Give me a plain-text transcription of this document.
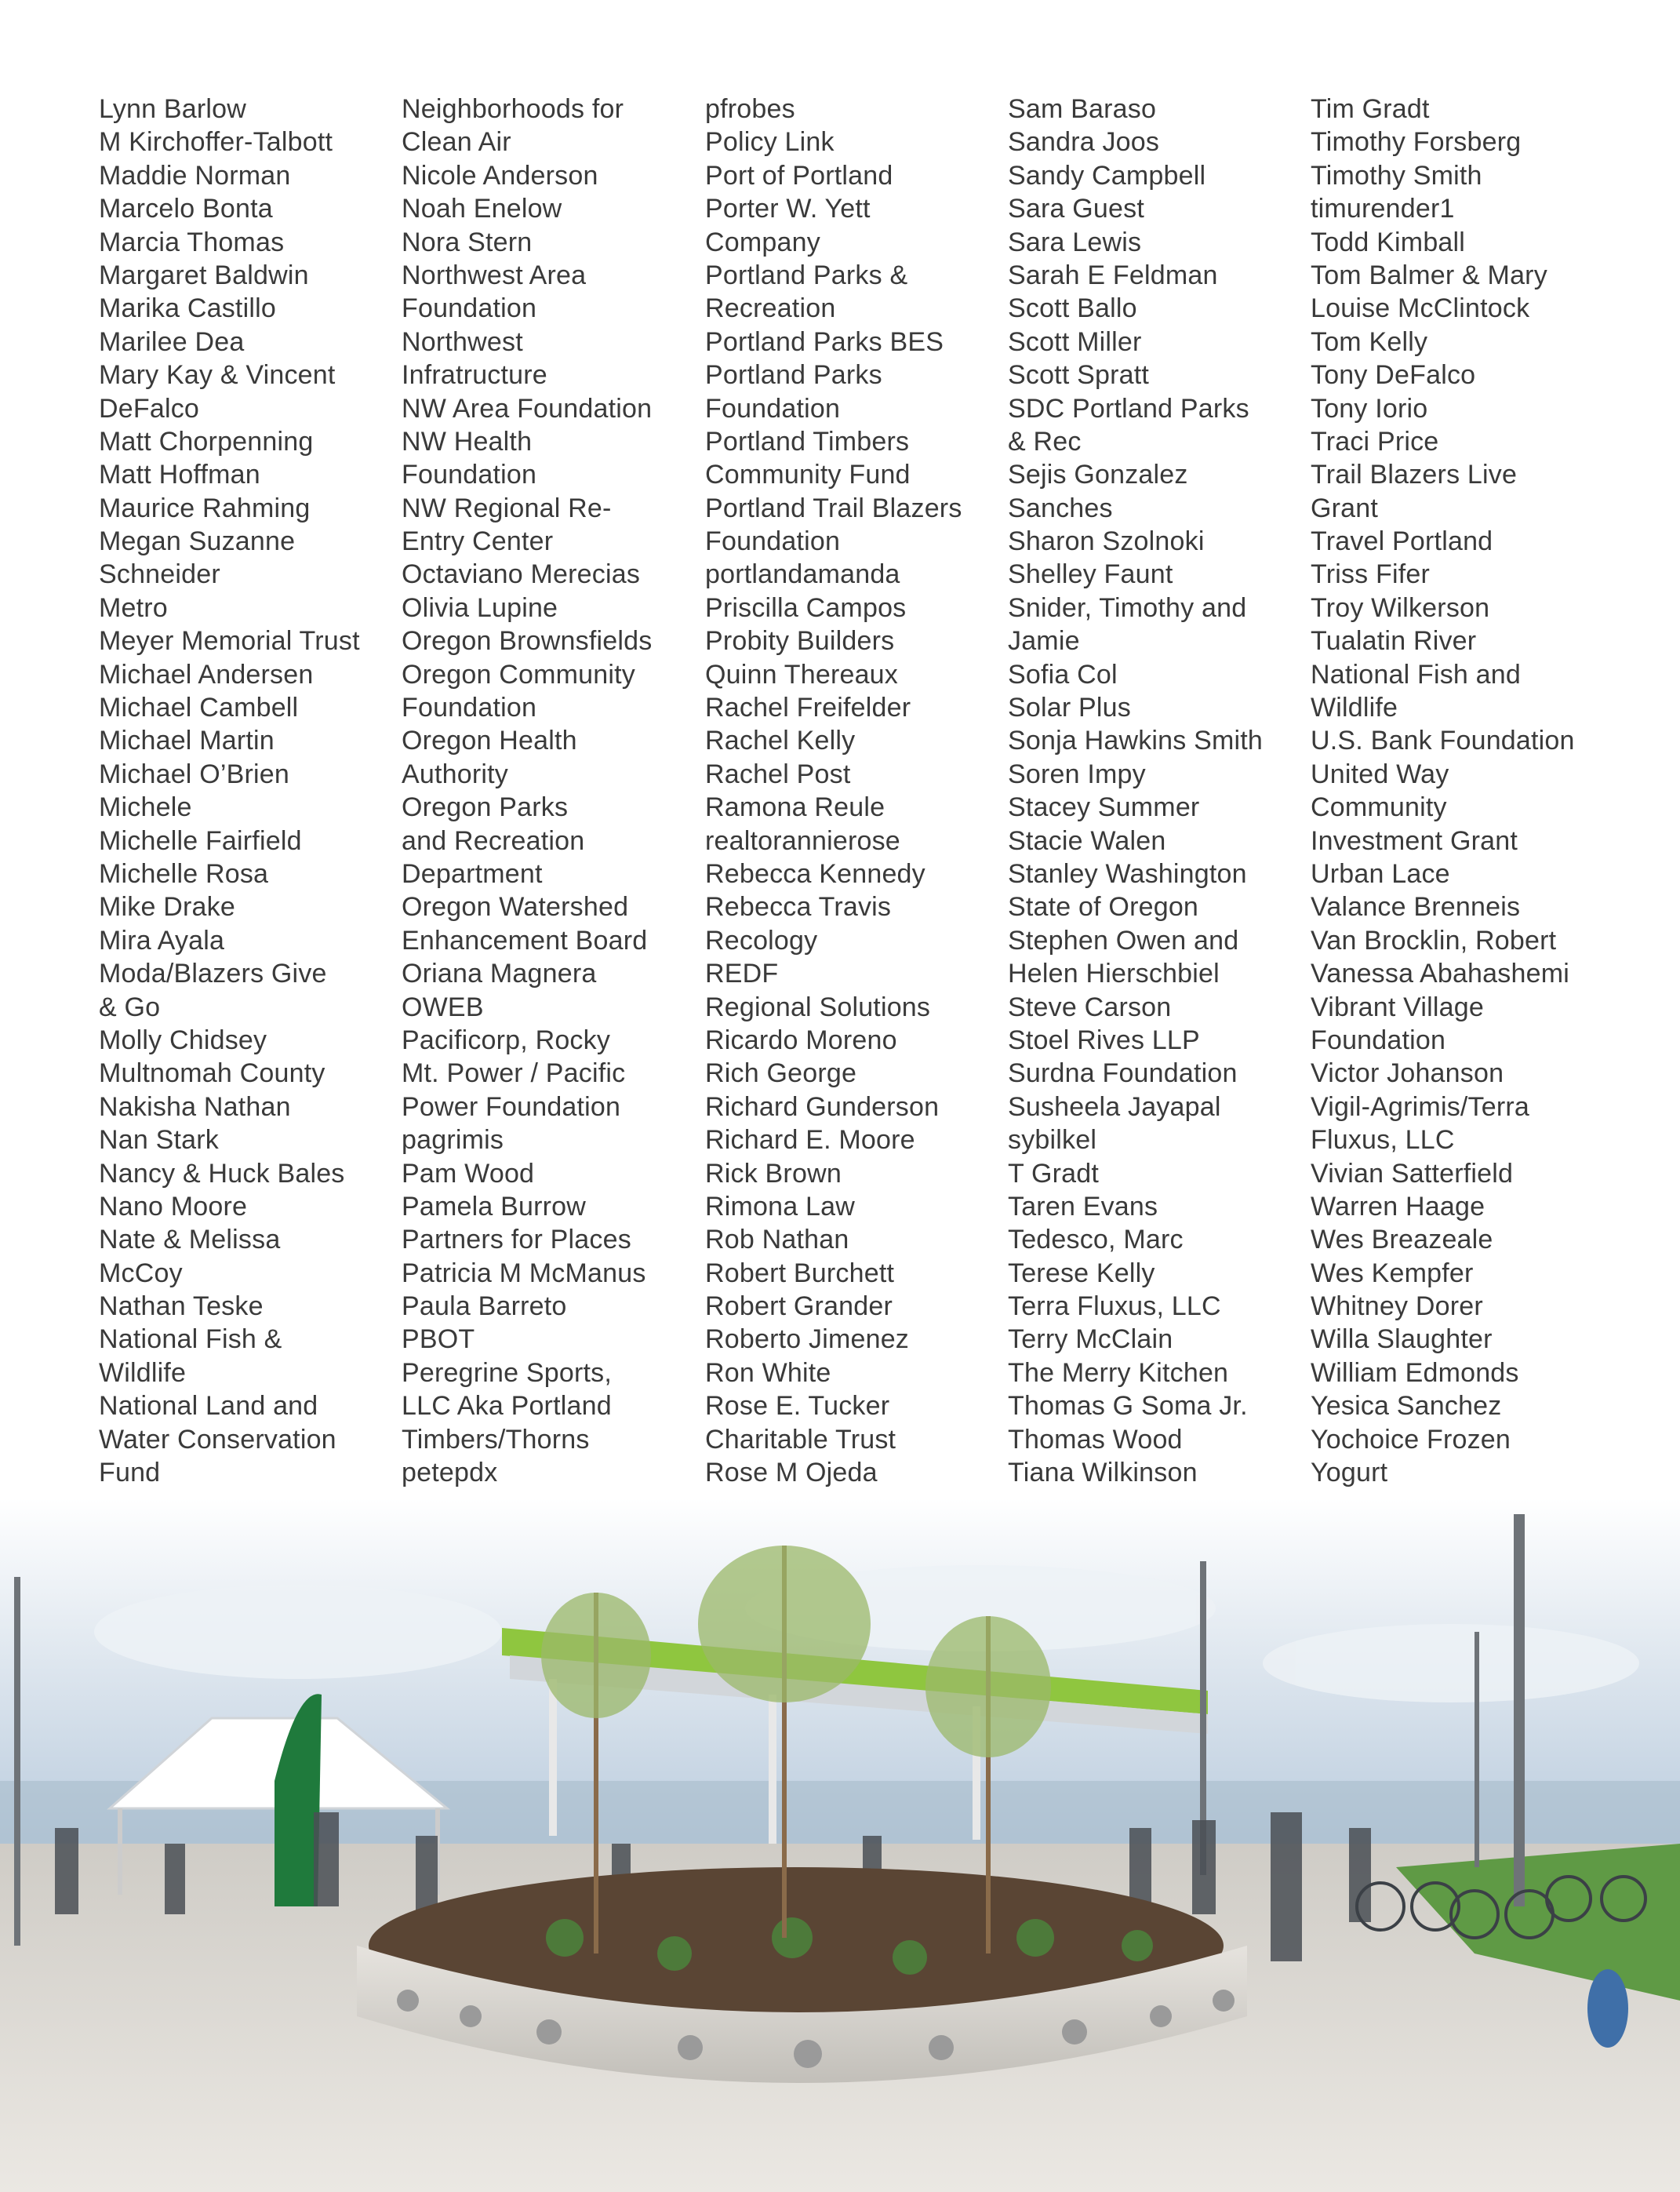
Lynn Barlow
M Kirchoffer-Talbott
Maddie Norman
Marcelo Bonta
Marcia Thomas
Margaret Baldwin
Marika Castillo
Marilee Dea
Mary Kay & Vincent
DeFalco
Matt Chorpenning
Matt Hoffman
Maurice Rahming
Megan Suzanne
Schneider
Metro
Meyer Memorial Trust
Michael Andersen
Michael Cambell
Michael Martin
Michael O’Brien
Michele
Michelle Fairfield
Michelle Rosa
Mike Drake
Mira Ayala
Moda/Blazers Give
& Go
Molly Chidsey
Multnomah County
Nakisha Nathan
Nan Stark
Nancy & Huck Bales
Nano Moore
Nate & Melissa
McCoy
Nathan Teske
National Fish &
Wildlife
National Land and
Water Conservation
Fund
Neighborhoods for
Clean Air
Nicole Anderson
Noah Enelow
Nora Stern
Northwest Area
Foundation
Northwest
Infratructure
NW Area Foundation
NW Health
Foundation
NW Regional Re-
Entry Center
Octaviano Merecias
Olivia Lupine
Oregon Brownsfields
Oregon Community
Foundation
Oregon Health
Authority
Oregon Parks
and Recreation
Department
Oregon Watershed
Enhancement Board
Oriana Magnera
OWEB
Pacificorp, Rocky
Mt. Power / Pacific
Power Foundation
pagrimis
Pam Wood
Pamela Burrow
Partners for Places
Patricia M McManus
Paula Barreto
PBOT
Peregrine Sports,
LLC Aka Portland
Timbers/Thorns
petepdx
pfrobes
Policy Link
Port of Portland
Porter W. Yett
Company
Portland Parks &
Recreation
Portland Parks BES
Portland Parks
Foundation
Portland Timbers
Community Fund
Portland Trail Blazers
Foundation
portlandamanda
Priscilla Campos
Probity Builders
Quinn Thereaux
Rachel Freifelder
Rachel Kelly
Rachel Post
Ramona Reule
realtorannierose
Rebecca Kennedy
Rebecca Travis
Recology
REDF
Regional Solutions
Ricardo Moreno
Rich George
Richard Gunderson
Richard E. Moore
Rick Brown
Rimona Law
Rob Nathan
Robert Burchett
Robert Grander
Roberto Jimenez
Ron White
Rose E. Tucker
Charitable Trust
Rose M Ojeda
Sam Baraso
Sandra Joos
Sandy Campbell
Sara Guest
Sara Lewis
Sarah E Feldman
Scott Ballo
Scott Miller
Scott Spratt
SDC Portland Parks
& Rec
Sejis Gonzalez
Sanches
Sharon Szolnoki
Shelley Faunt
Snider, Timothy and
Jamie
Sofia Col
Solar Plus
Sonja Hawkins Smith
Soren Impy
Stacey Summer
Stacie Walen
Stanley Washington
State of Oregon
Stephen Owen and
Helen Hierschbiel
Steve Carson
Stoel Rives LLP
Surdna Foundation
Susheela Jayapal
sybilkel
T Gradt
Taren Evans
Tedesco, Marc
Terese Kelly
Terra Fluxus, LLC
Terry McClain
The Merry Kitchen
Thomas G Soma Jr.
Thomas Wood
Tiana Wilkinson
Tim Gradt
Timothy Forsberg
Timothy Smith
timurender1
Todd Kimball
Tom Balmer & Mary
Louise McClintock
Tom Kelly
Tony DeFalco
Tony Iorio
Traci Price
Trail Blazers Live
Grant
Travel Portland
Triss Fifer
Troy Wilkerson
Tualatin River
National Fish and
Wildlife
U.S. Bank Foundation
United Way
Community
Investment Grant
Urban Lace
Valance Brenneis
Van Brocklin, Robert
Vanessa Abahashemi
Vibrant Village
Foundation
Victor Johanson
Vigil-Agrimis/Terra
Fluxus, LLC
Vivian Satterfield
Warren Haage
Wes Breazeale
Wes Kempfer
Whitney Dorer
Willa Slaughter
William Edmonds
Yesica Sanchez
Yochoice Frozen
Yogurt
